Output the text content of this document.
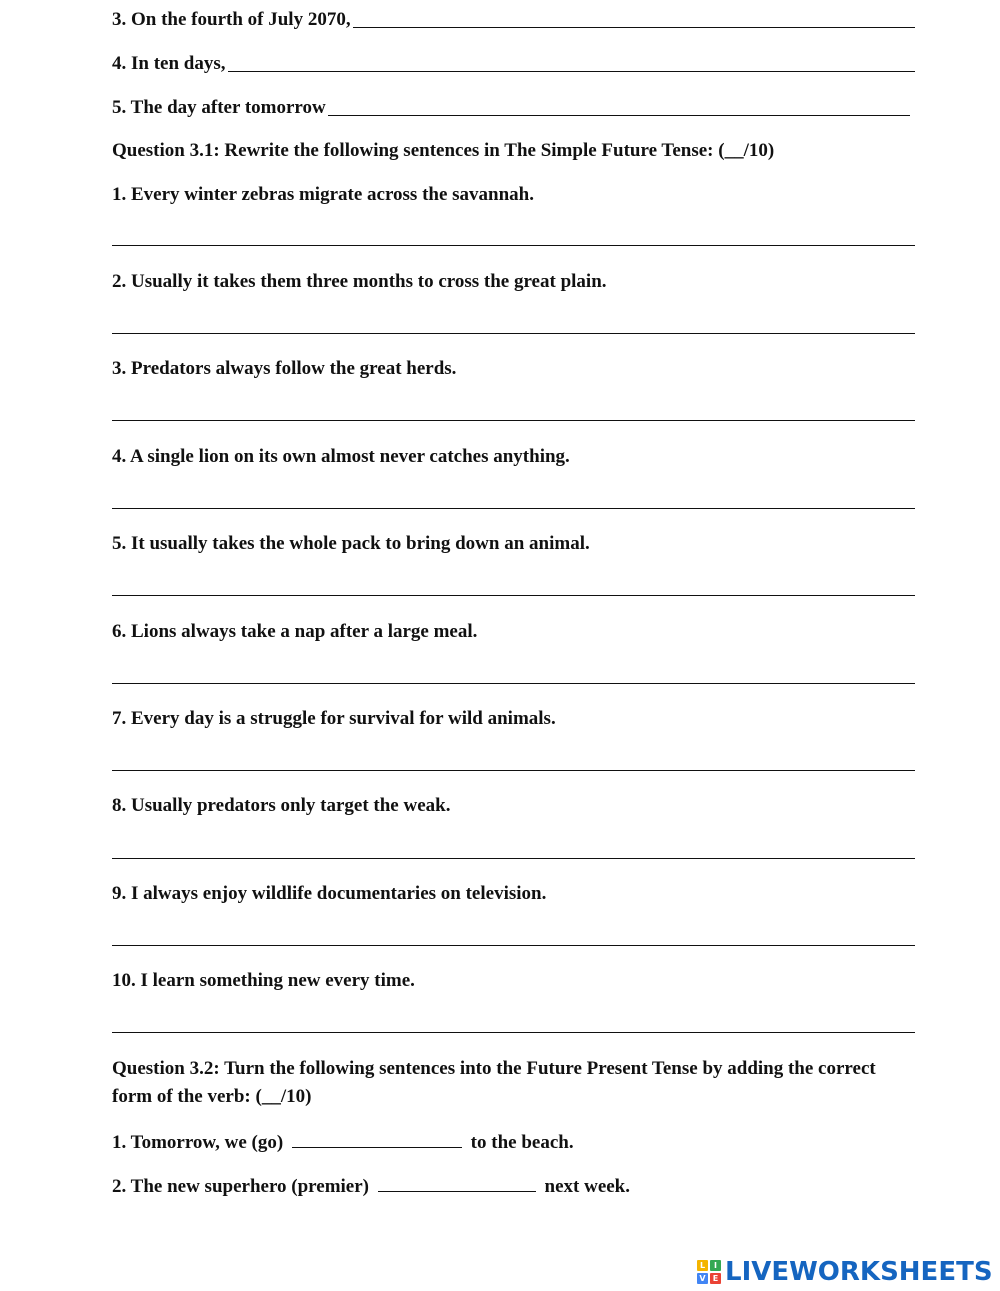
3. On the fourth of July 2070,
4. In ten days,
5. The day after tomorrow
Question 3.1: Rewrite the following sentences in The Simple Future Tense: (__/10)
1. Every winter zebras migrate across the savannah.
2. Usually it takes them three months to cross the great plain.
3. Predators always follow the great herds.
4. A single lion on its own almost never catches anything.
5. It usually takes the whole pack to bring down an animal.
6. Lions always take a nap after a large meal.
7. Every day is a struggle for survival for wild animals.
8. Usually predators only target the weak.
9. I always enjoy wildlife documentaries on television.
10. I learn something new every time.
Question 3.2: Turn the following sentences into the Future Present Tense by adding the correct form of the verb: (__/10)
1. Tomorrow, we (go)	to the beach.
2. The new superhero (premier)	next week.
L	I
V E LIVEWORKSHEETS
